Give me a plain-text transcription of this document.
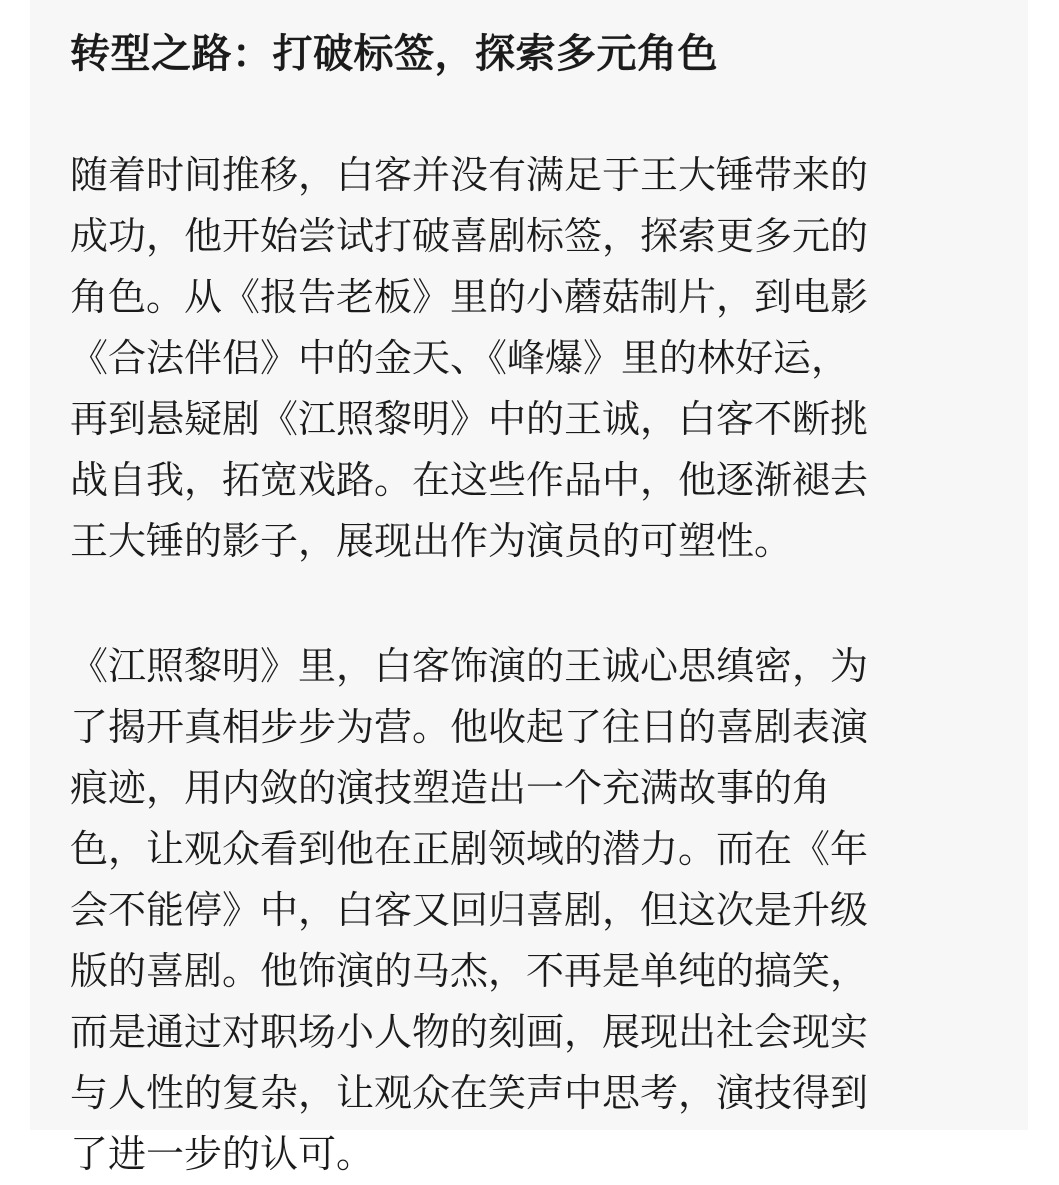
转型之路：打破标签，探索多元角色

随着时间推移，白客并没有满足于王大锤带来的
成功，他开始尝试打破喜剧标签，探索更多元的
角色。从《报告老板》里的小蘑菇制片，到电影
《合法伴侣》中的金天、《峰爆》里的林好运，
再到悬疑剧《江照黎明》中的王诚，白客不断挑
战自我，拓宽戏路。在这些作品中，他逐渐褪去
王大锤的影子，展现出作为演员的可塑性。

《江照黎明》里，白客饰演的王诚心思缜密，为
了揭开真相步步为营。他收起了往日的喜剧表演
痕迹，用内敛的演技塑造出一个充满故事的角
色，让观众看到他在正剧领域的潜力。而在《年
会不能停》中，白客又回归喜剧，但这次是升级
版的喜剧。他饰演的马杰，不再是单纯的搞笑，
而是通过对职场小人物的刻画，展现出社会现实
与人性的复杂，让观众在笑声中思考，演技得到
了进一步的认可。
